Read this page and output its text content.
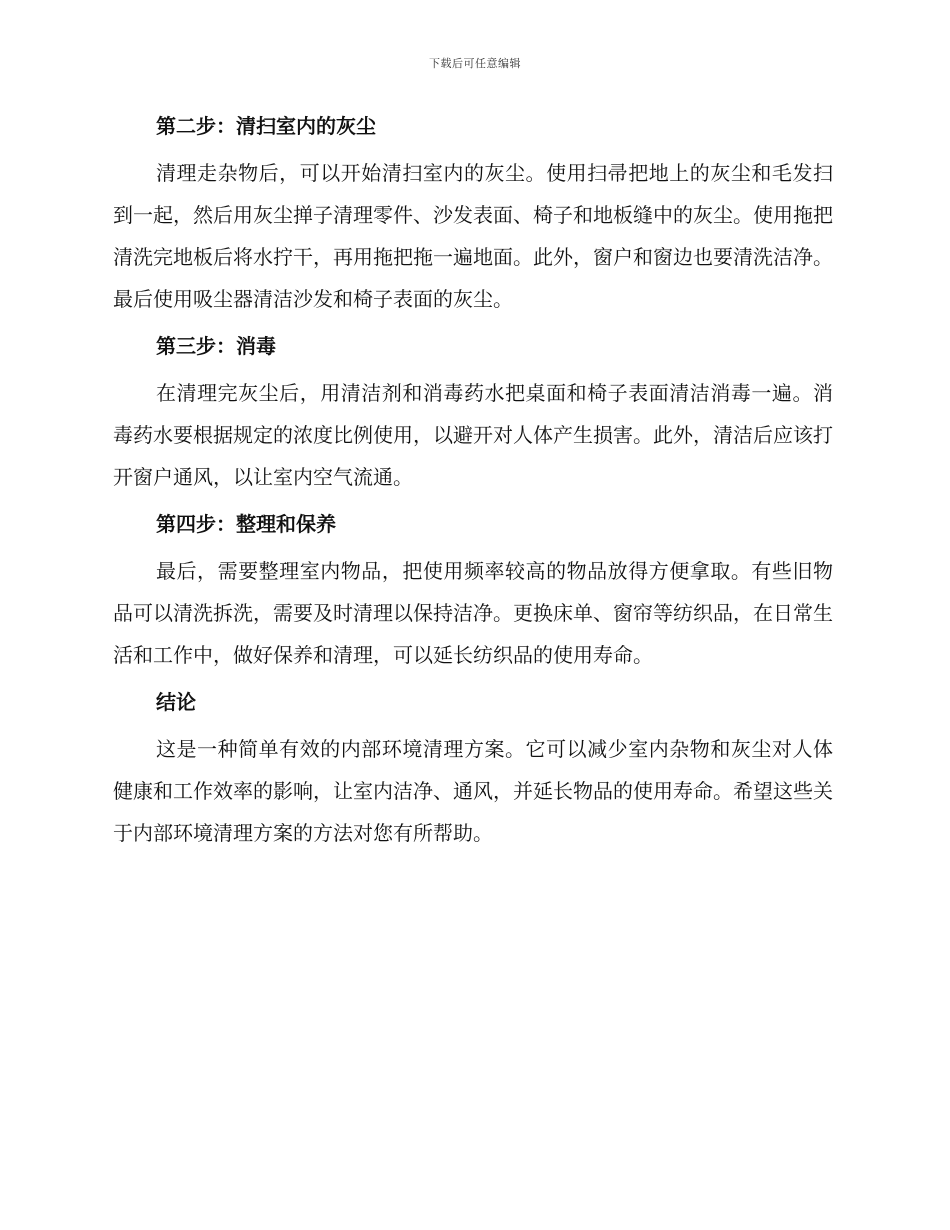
下载后可任意编辑
第二步：清扫室内的灰尘

清理走杂物后，可以开始清扫室内的灰尘。使用扫帚把地上的灰尘和毛发扫到一起，然后用灰尘掸子清理零件、沙发表面、椅子和地板缝中的灰尘。使用拖把清洗完地板后将水拧干，再用拖把拖一遍地面。此外，窗户和窗边也要清洗洁净。最后使用吸尘器清洁沙发和椅子表面的灰尘。

第三步：消毒

在清理完灰尘后，用清洁剂和消毒药水把桌面和椅子表面清洁消毒一遍。消毒药水要根据规定的浓度比例使用，以避开对人体产生损害。此外，清洁后应该打开窗户通风，以让室内空气流通。

第四步：整理和保养

最后，需要整理室内物品，把使用频率较高的物品放得方便拿取。有些旧物品可以清洗拆洗，需要及时清理以保持洁净。更换床单、窗帘等纺织品，在日常生活和工作中，做好保养和清理，可以延长纺织品的使用寿命。

结论

这是一种简单有效的内部环境清理方案。它可以减少室内杂物和灰尘对人体健康和工作效率的影响，让室内洁净、通风，并延长物品的使用寿命。希望这些关于内部环境清理方案的方法对您有所帮助。
